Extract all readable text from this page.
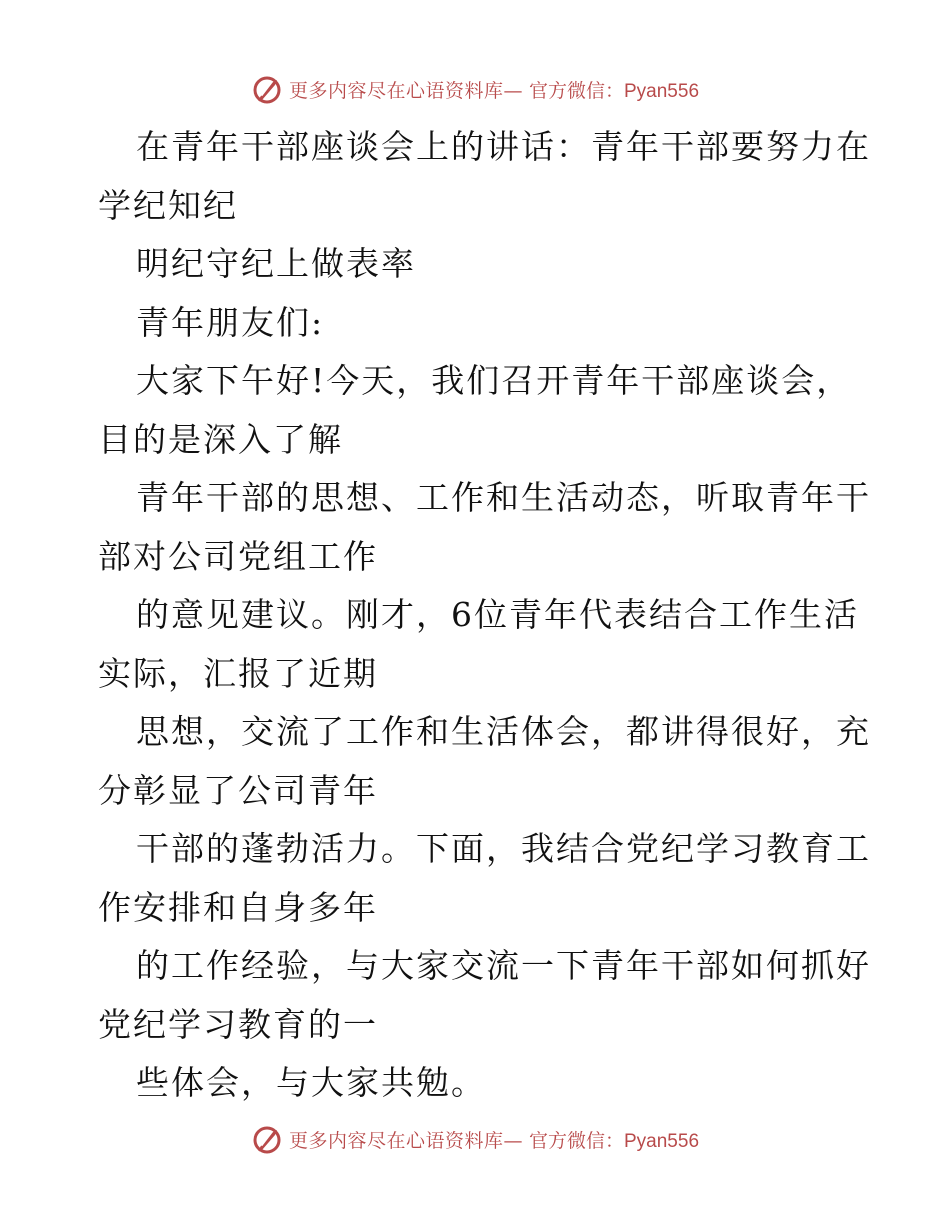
更多内容尽在心语资料库— 官方微信：Pyan556
在青年干部座谈会上的讲话：青年干部要努力在
学纪知纪
明纪守纪上做表率
青年朋友们:
大家下午好!今天，我们召开青年干部座谈会，
目的是深入了解
青年干部的思想、工作和生活动态，听取青年干
部对公司党组工作
的意见建议。刚才，6位青年代表结合工作生活
实际，汇报了近期
思想，交流了工作和生活体会，都讲得很好，充
分彰显了公司青年
干部的蓬勃活力。下面，我结合党纪学习教育工
作安排和自身多年
的工作经验，与大家交流一下青年干部如何抓好
党纪学习教育的一
些体会，与大家共勉。
更多内容尽在心语资料库— 官方微信：Pyan556
